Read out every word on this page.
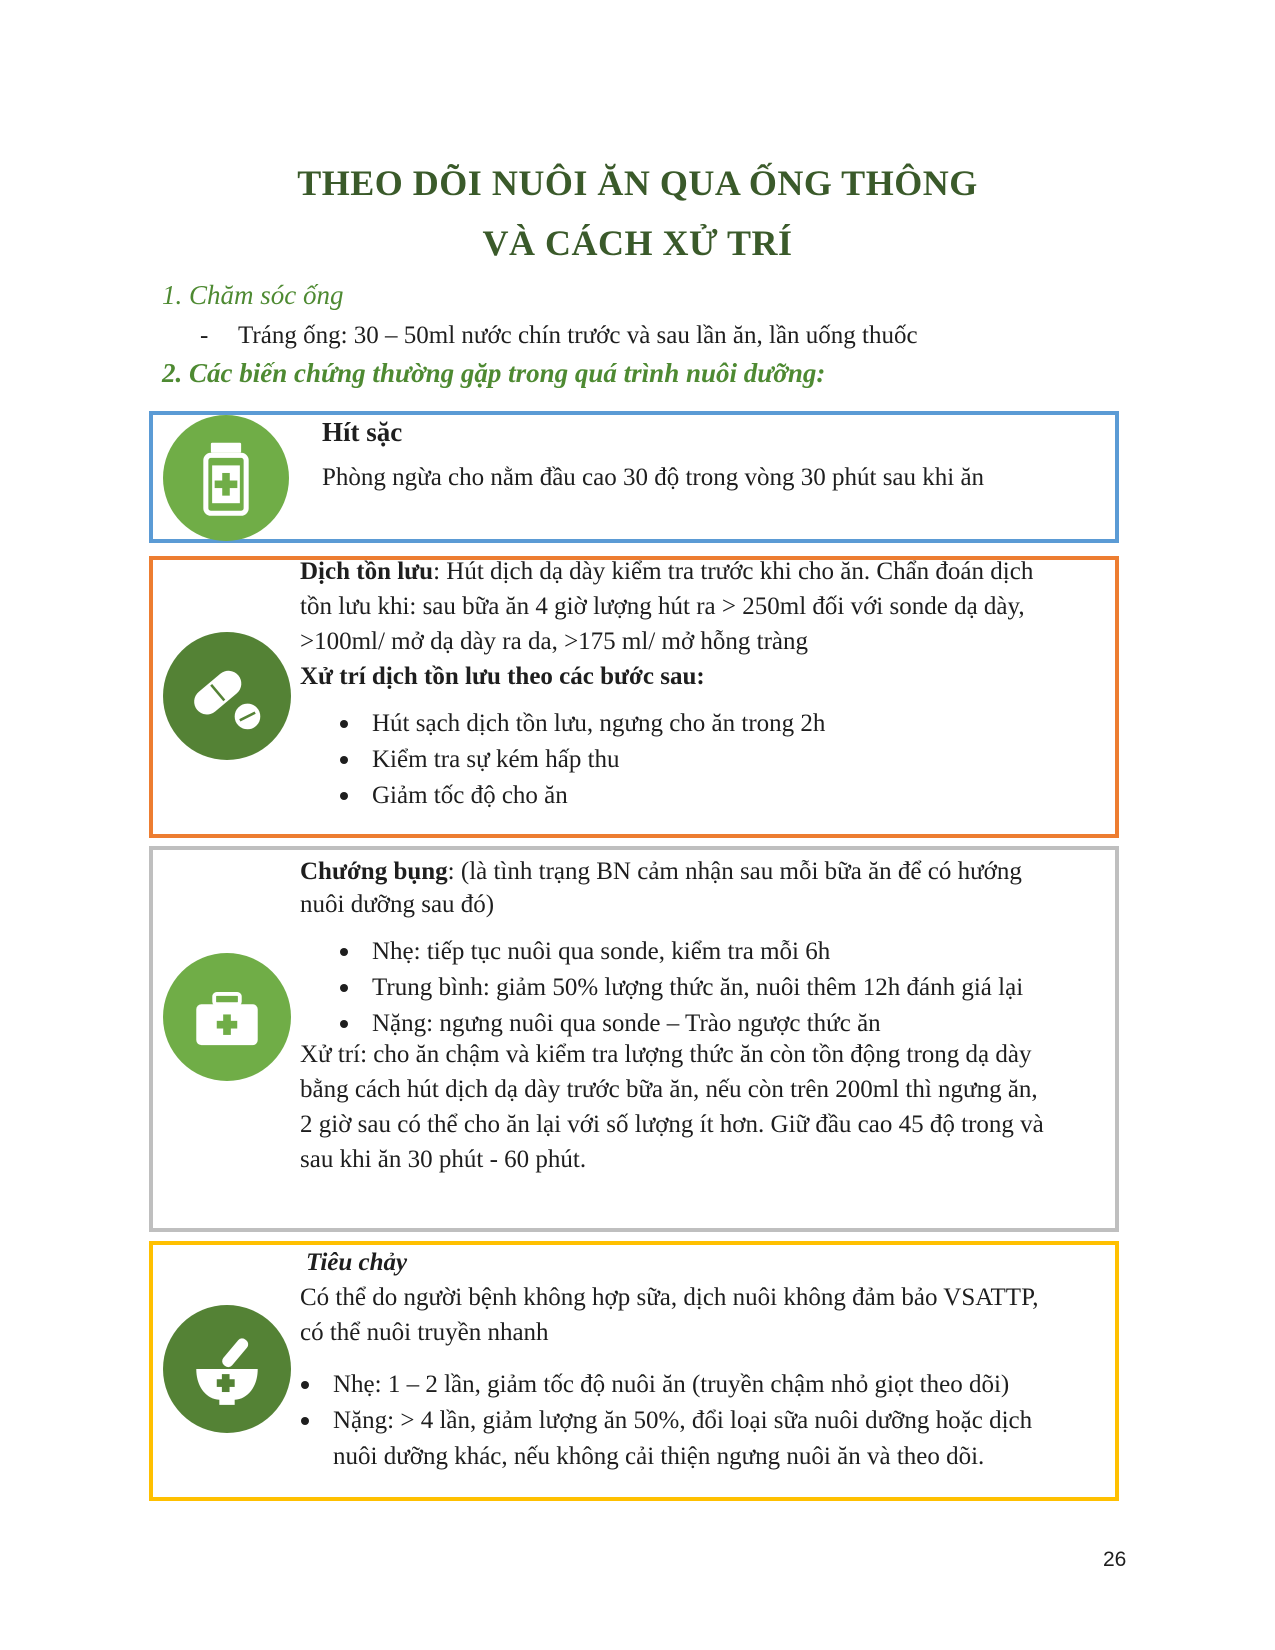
THEO DÕI NUÔI ĂN QUA ỐNG THÔNG
VÀ CÁCH XỬ TRÍ

1. Chăm sóc ống

- Tráng ống: 30 – 50ml nước chín trước và sau lần ăn, lần uống thuốc

2. Các biến chứng thường gặp trong quá trình nuôi dưỡng:

Hít sặc

Phòng ngừa cho nằm đầu cao 30 độ trong vòng 30 phút sau khi ăn

Dịch tồn lưu: Hút dịch dạ dày kiểm tra trước khi cho ăn. Chẩn đoán dịch

tồn lưu khi: sau bữa ăn 4 giờ lượng hút ra > 250ml đối với sonde dạ dày,

>100ml/ mở dạ dày ra da, >175 ml/ mở hỗng tràng

Xử trí dịch tồn lưu theo các bước sau:

Hút sạch dịch tồn lưu, ngưng cho ăn trong 2h
Kiểm tra sự kém hấp thu
Giảm tốc độ cho ăn

Chướng bụng: (là tình trạng BN cảm nhận sau mỗi bữa ăn để có hướng

nuôi dưỡng sau đó)

Nhẹ: tiếp tục nuôi qua sonde, kiểm tra mỗi 6h
Trung bình: giảm 50% lượng thức ăn, nuôi thêm 12h đánh giá lại
Nặng: ngưng nuôi qua sonde – Trào ngược thức ăn

Xử trí: cho ăn chậm và kiểm tra lượng thức ăn còn tồn động trong dạ dày

bằng cách hút dịch dạ dày trước bữa ăn, nếu còn trên 200ml thì ngưng ăn,

2 giờ sau có thể cho ăn lại với số lượng ít hơn. Giữ đầu cao 45 độ trong và

sau khi ăn 30 phút - 60 phút.

Tiêu chảy

Có thể do người bệnh không hợp sữa, dịch nuôi không đảm bảo VSATTP,

có thể nuôi truyền nhanh

Nhẹ: 1 – 2 lần, giảm tốc độ nuôi ăn (truyền chậm nhỏ giọt theo dõi)
Nặng: > 4 lần, giảm lượng ăn 50%, đổi loại sữa nuôi dưỡng hoặc dịch

nuôi dưỡng khác, nếu không cải thiện ngưng nuôi ăn và theo dõi.

26
